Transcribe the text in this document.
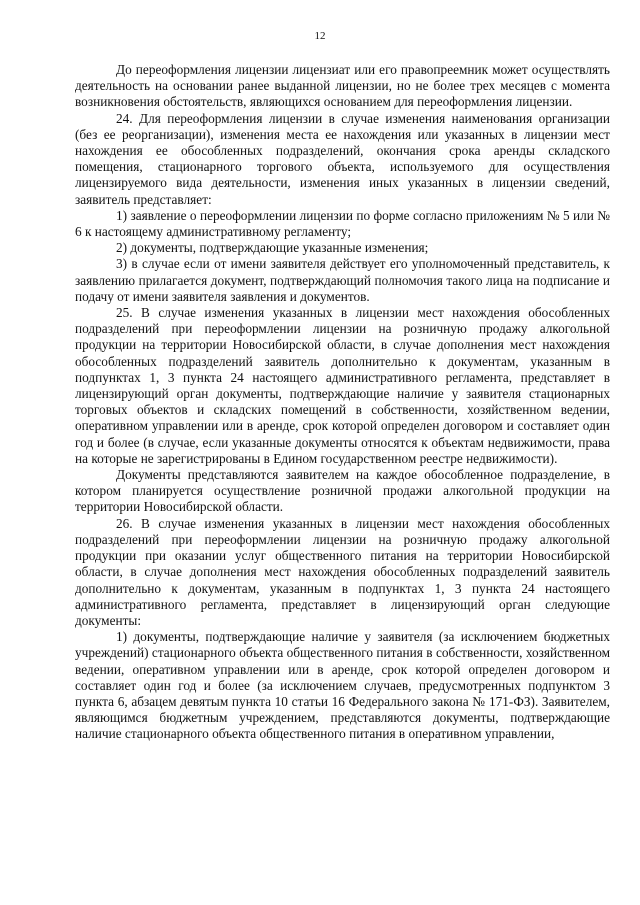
12

До переоформления лицензии лицензиат или его правопреемник может осуществлять деятельность на основании ранее выданной лицензии, но не более трех месяцев с момента возникновения обстоятельств, являющихся основанием для переоформления лицензии.

24. Для переоформления лицензии в случае изменения наименования организации (без ее реорганизации), изменения места ее нахождения или указанных в лицензии мест нахождения ее обособленных подразделений, окончания срока аренды складского помещения, стационарного торгового объекта, используемого для осуществления лицензируемого вида деятельности, изменения иных указанных в лицензии сведений, заявитель представляет:

1) заявление о переоформлении лицензии по форме согласно приложениям № 5 или № 6 к настоящему административному регламенту;

2) документы, подтверждающие указанные изменения;

3) в случае если от имени заявителя действует его уполномоченный представитель, к заявлению прилагается документ, подтверждающий полномочия такого лица на подписание и подачу от имени заявителя заявления и документов.

25. В случае изменения указанных в лицензии мест нахождения обособленных подразделений при переоформлении лицензии на розничную продажу алкогольной продукции на территории Новосибирской области, в случае дополнения мест нахождения обособленных подразделений заявитель дополнительно к документам, указанным в подпунктах 1, 3 пункта 24 настоящего административного регламента, представляет в лицензирующий орган документы, подтверждающие наличие у заявителя стационарных торговых объектов и складских помещений в собственности, хозяйственном ведении, оперативном управлении или в аренде, срок которой определен договором и составляет один год и более (в случае, если указанные документы относятся к объектам недвижимости, права на которые не зарегистрированы в Едином государственном реестре недвижимости).

Документы представляются заявителем на каждое обособленное подразделение, в котором планируется осуществление розничной продажи алкогольной продукции на территории Новосибирской области.

26. В случае изменения указанных в лицензии мест нахождения обособленных подразделений при переоформлении лицензии на розничную продажу алкогольной продукции при оказании услуг общественного питания на территории Новосибирской области, в случае дополнения мест нахождения обособленных подразделений заявитель дополнительно к документам, указанным в подпунктах 1, 3 пункта 24 настоящего административного регламента, представляет в лицензирующий орган следующие документы:

1) документы, подтверждающие наличие у заявителя (за исключением бюджетных учреждений) стационарного объекта общественного питания в собственности, хозяйственном ведении, оперативном управлении или в аренде, срок которой определен договором и составляет один год и более (за исключением случаев, предусмотренных подпунктом 3 пункта 6, абзацем девятым пункта 10 статьи 16 Федерального закона № 171-ФЗ). Заявителем, являющимся бюджетным учреждением, представляются документы, подтверждающие наличие стационарного объекта общественного питания в оперативном управлении,
